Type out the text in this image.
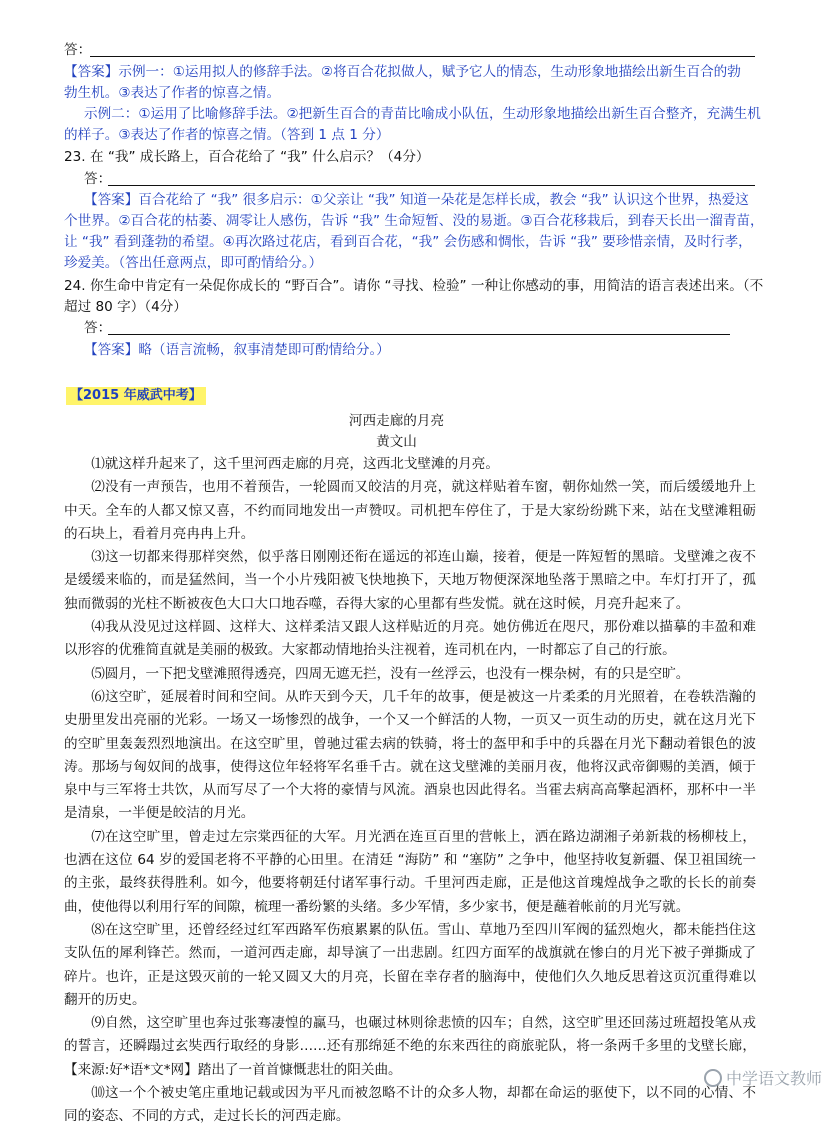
答：
【答案】示例一：①运用拟人的修辞手法。②将百合花拟做人，赋予它人的情态，生动形象地描绘出新生百合的勃
勃生机。③表达了作者的惊喜之情。
示例二：①运用了比喻修辞手法。②把新生百合的青苗比喻成小队伍，生动形象地描绘出新生百合整齐，充满生机
的样子。③表达了作者的惊喜之情。（答到 1 点 1 分）
23. 在 “我” 成长路上，百合花给了 “我” 什么启示？（4分）
答：
【答案】百合花给了 “我” 很多启示：①父亲让 “我” 知道一朵花是怎样长成，教会 “我” 认识这个世界，热爱这
个世界。②百合花的枯萎、凋零让人感伤，告诉 “我” 生命短暂、没的易逝。③百合花移栽后，到春天长出一溜青苗，
让 “我” 看到蓬勃的希望。④再次路过花店，看到百合花，“我” 会伤感和惆怅，告诉 “我” 要珍惜亲情，及时行孝，
珍爱美。（答出任意两点，即可酌情给分。）
24. 你生命中肯定有一朵促你成长的 “野百合”。请你 “寻找、检验” 一种让你感动的事，用简洁的语言表述出来。（不
超过 80 字）（4分）
答：
【答案】略（语言流畅，叙事清楚即可酌情给分。）
【2015 年威武中考】
河西走廊的月亮
黄文山

⑴就这样升起来了，这千里河西走廊的月亮，这西北戈壁滩的月亮。

⑵没有一声预告，也用不着预告，一轮圆而又皎洁的月亮，就这样贴着车窗，朝你灿然一笑，而后缓缓地升上中天。全车的人都又惊又喜，不约而同地发出一声赞叹。司机把车停住了，于是大家纷纷跳下来，站在戈壁滩粗砺的石块上，看着月亮冉冉上升。

⑶这一切都来得那样突然，似乎落日刚刚还衔在遥远的祁连山巅，接着，便是一阵短暂的黑暗。戈壁滩之夜不是缓缓来临的，而是猛然间，当一个小片残阳被飞快地换下，天地万物便深深地坠落于黑暗之中。车灯打开了，孤独而微弱的光柱不断被夜色大口大口地吞噬，吞得大家的心里都有些发慌。就在这时候，月亮升起来了。

⑷我从没见过这样圆、这样大、这样柔洁又跟人这样贴近的月亮。她仿佛近在咫尺，那份难以描摹的丰盈和难以形容的优雅简直就是美丽的极致。大家都动情地抬头注视着，连司机在内，一时都忘了自己的行旅。

⑸圆月，一下把戈壁滩照得透亮，四周无遮无拦，没有一丝浮云，也没有一棵杂树，有的只是空旷。

⑹这空旷，延展着时间和空间。从昨天到今天，几千年的故事，便是被这一片柔柔的月光照着，在卷轶浩瀚的史册里发出亮丽的光彩。一场又一场惨烈的战争，一个又一个鲜活的人物，一页又一页生动的历史，就在这月光下的空旷里轰轰烈烈地演出。在这空旷里，曾驰过霍去病的铁骑，将士的盔甲和手中的兵器在月光下翻动着银色的波涛。那场与匈奴间的战事，使得这位年轻将军名垂千古。就在这戈壁滩的美丽月夜，他将汉武帝御赐的美酒，倾于泉中与三军将士共饮，从而写尽了一个大将的豪情与风流。酒泉也因此得名。当霍去病高高擎起酒杯，那杯中一半是清泉，一半便是皎洁的月光。

⑺在这空旷里，曾走过左宗棠西征的大军。月光洒在连亘百里的营帐上，洒在路边湖湘子弟新栽的杨柳枝上，也洒在这位 64 岁的爱国老将不平静的心田里。在清廷 “海防” 和 “塞防” 之争中，他坚持收复新疆、保卫祖国统一的主张，最终获得胜利。如今，他要将朝廷付诸军事行动。千里河西走廊，正是他这首瑰煌战争之歌的长长的前奏曲，使他得以利用行军的间隙，梳理一番纷繁的头绪。多少军情，多少家书，便是蘸着帐前的月光写就。

⑻在这空旷里，还曾经经过红军西路军伤痕累累的队伍。雪山、草地乃至四川军阀的猛烈炮火，都未能挡住这支队伍的犀利锋芒。然而，一道河西走廊，却导演了一出悲剧。红四方面军的战旗就在惨白的月光下被子弹撕成了碎片。也许，正是这毁灭前的一轮又圆又大的月亮，长留在幸存者的脑海中，使他们久久地反思着这页沉重得难以翻开的历史。

⑼自然，这空旷里也奔过张骞凄惶的赢马，也碾过林则徐悲愤的囚车；自然，这空旷里还回荡过班超投笔从戎的誓言，还瞬蹋过玄奘西行取经的身影……还有那绵延不绝的东来西往的商旅驼队，将一条两千多里的戈壁长廊，【来源:好*语*文*网】踏出了一首首慷慨悲壮的阳关曲。

⑽这一个个被史笔庄重地记载或因为平凡而被忽略不计的众多人物，却都在命运的驱使下，以不同的心情、不同的姿态、不同的方式，走过长长的河西走廊。

中学语文教师
